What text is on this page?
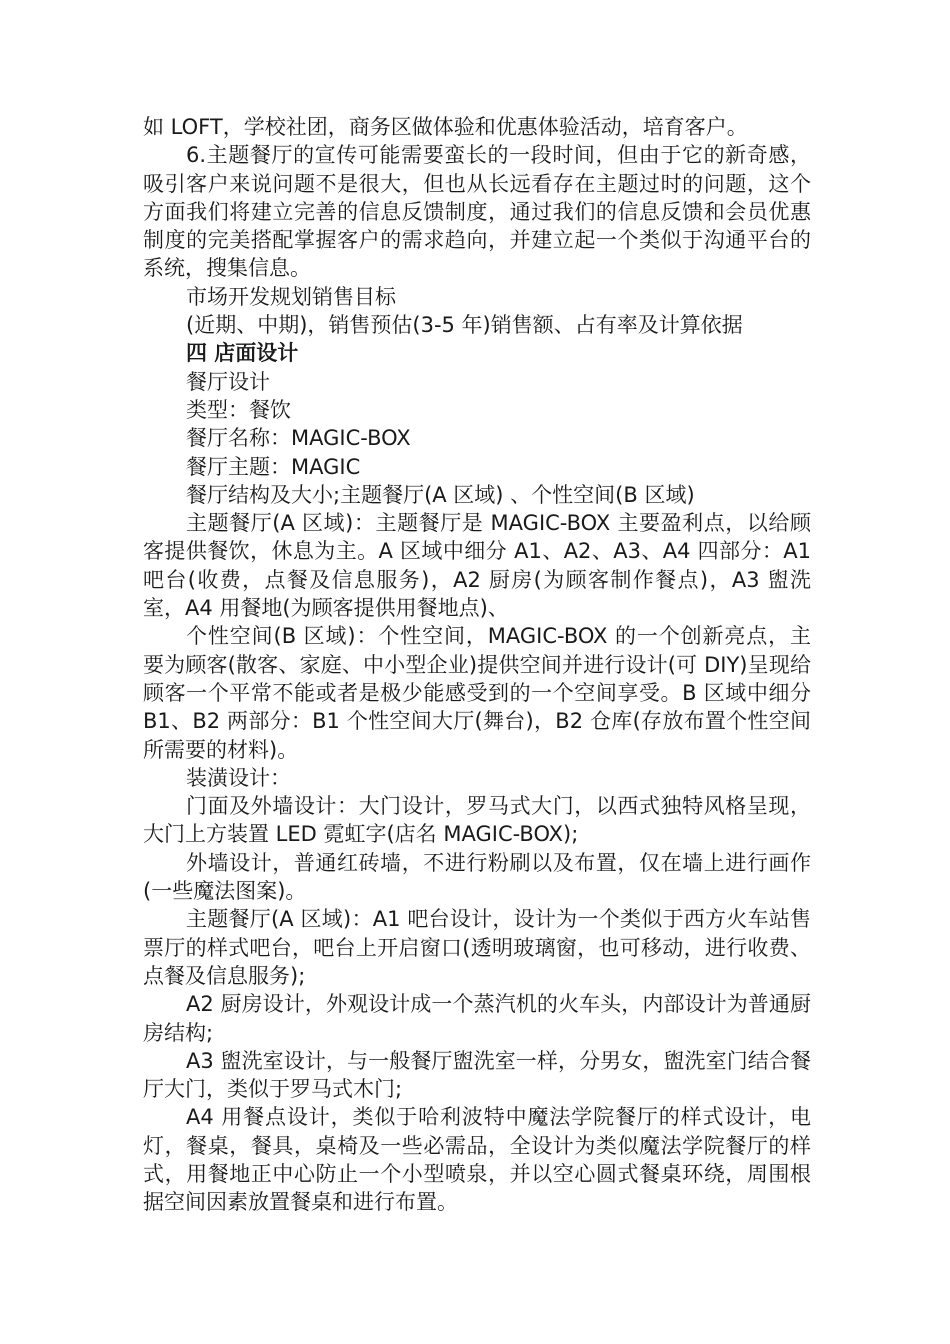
如 LOFT，学校社团，商务区做体验和优惠体验活动，培育客户。

6.主题餐厅的宣传可能需要蛮长的一段时间，但由于它的新奇感，吸引客户来说问题不是很大，但也从长远看存在主题过时的问题，这个方面我们将建立完善的信息反馈制度，通过我们的信息反馈和会员优惠制度的完美搭配掌握客户的需求趋向，并建立起一个类似于沟通平台的系统，搜集信息。

市场开发规划销售目标

(近期、中期)，销售预估(3-5 年)销售额、占有率及计算依据

四 店面设计

餐厅设计

类型：餐饮

餐厅名称：MAGIC-BOX

餐厅主题：MAGIC

餐厅结构及大小;主题餐厅(A 区域) 、个性空间(B 区域)

主题餐厅(A 区域)：主题餐厅是 MAGIC-BOX 主要盈利点，以给顾客提供餐饮，休息为主。A 区域中细分 A1、A2、A3、A4 四部分：A1 吧台(收费，点餐及信息服务)，A2 厨房(为顾客制作餐点)，A3 盥洗室，A4 用餐地(为顾客提供用餐地点)、

个性空间(B 区域)：个性空间，MAGIC-BOX 的一个创新亮点，主要为顾客(散客、家庭、中小型企业)提供空间并进行设计(可 DIY)呈现给顾客一个平常不能或者是极少能感受到的一个空间享受。B 区域中细分 B1、B2 两部分：B1 个性空间大厅(舞台)，B2 仓库(存放布置个性空间所需要的材料)。

装潢设计：

门面及外墙设计：大门设计，罗马式大门，以西式独特风格呈现，大门上方装置 LED 霓虹字(店名 MAGIC-BOX);

外墙设计，普通红砖墙，不进行粉刷以及布置，仅在墙上进行画作(一些魔法图案)。

主题餐厅(A 区域)：A1 吧台设计，设计为一个类似于西方火车站售票厅的样式吧台，吧台上开启窗口(透明玻璃窗，也可移动，进行收费、点餐及信息服务);

A2 厨房设计，外观设计成一个蒸汽机的火车头，内部设计为普通厨房结构;

A3 盥洗室设计，与一般餐厅盥洗室一样，分男女，盥洗室门结合餐厅大门，类似于罗马式木门;

A4 用餐点设计，类似于哈利波特中魔法学院餐厅的样式设计，电灯，餐桌，餐具，桌椅及一些必需品，全设计为类似魔法学院餐厅的样式，用餐地正中心防止一个小型喷泉，并以空心圆式餐桌环绕，周围根据空间因素放置餐桌和进行布置。
